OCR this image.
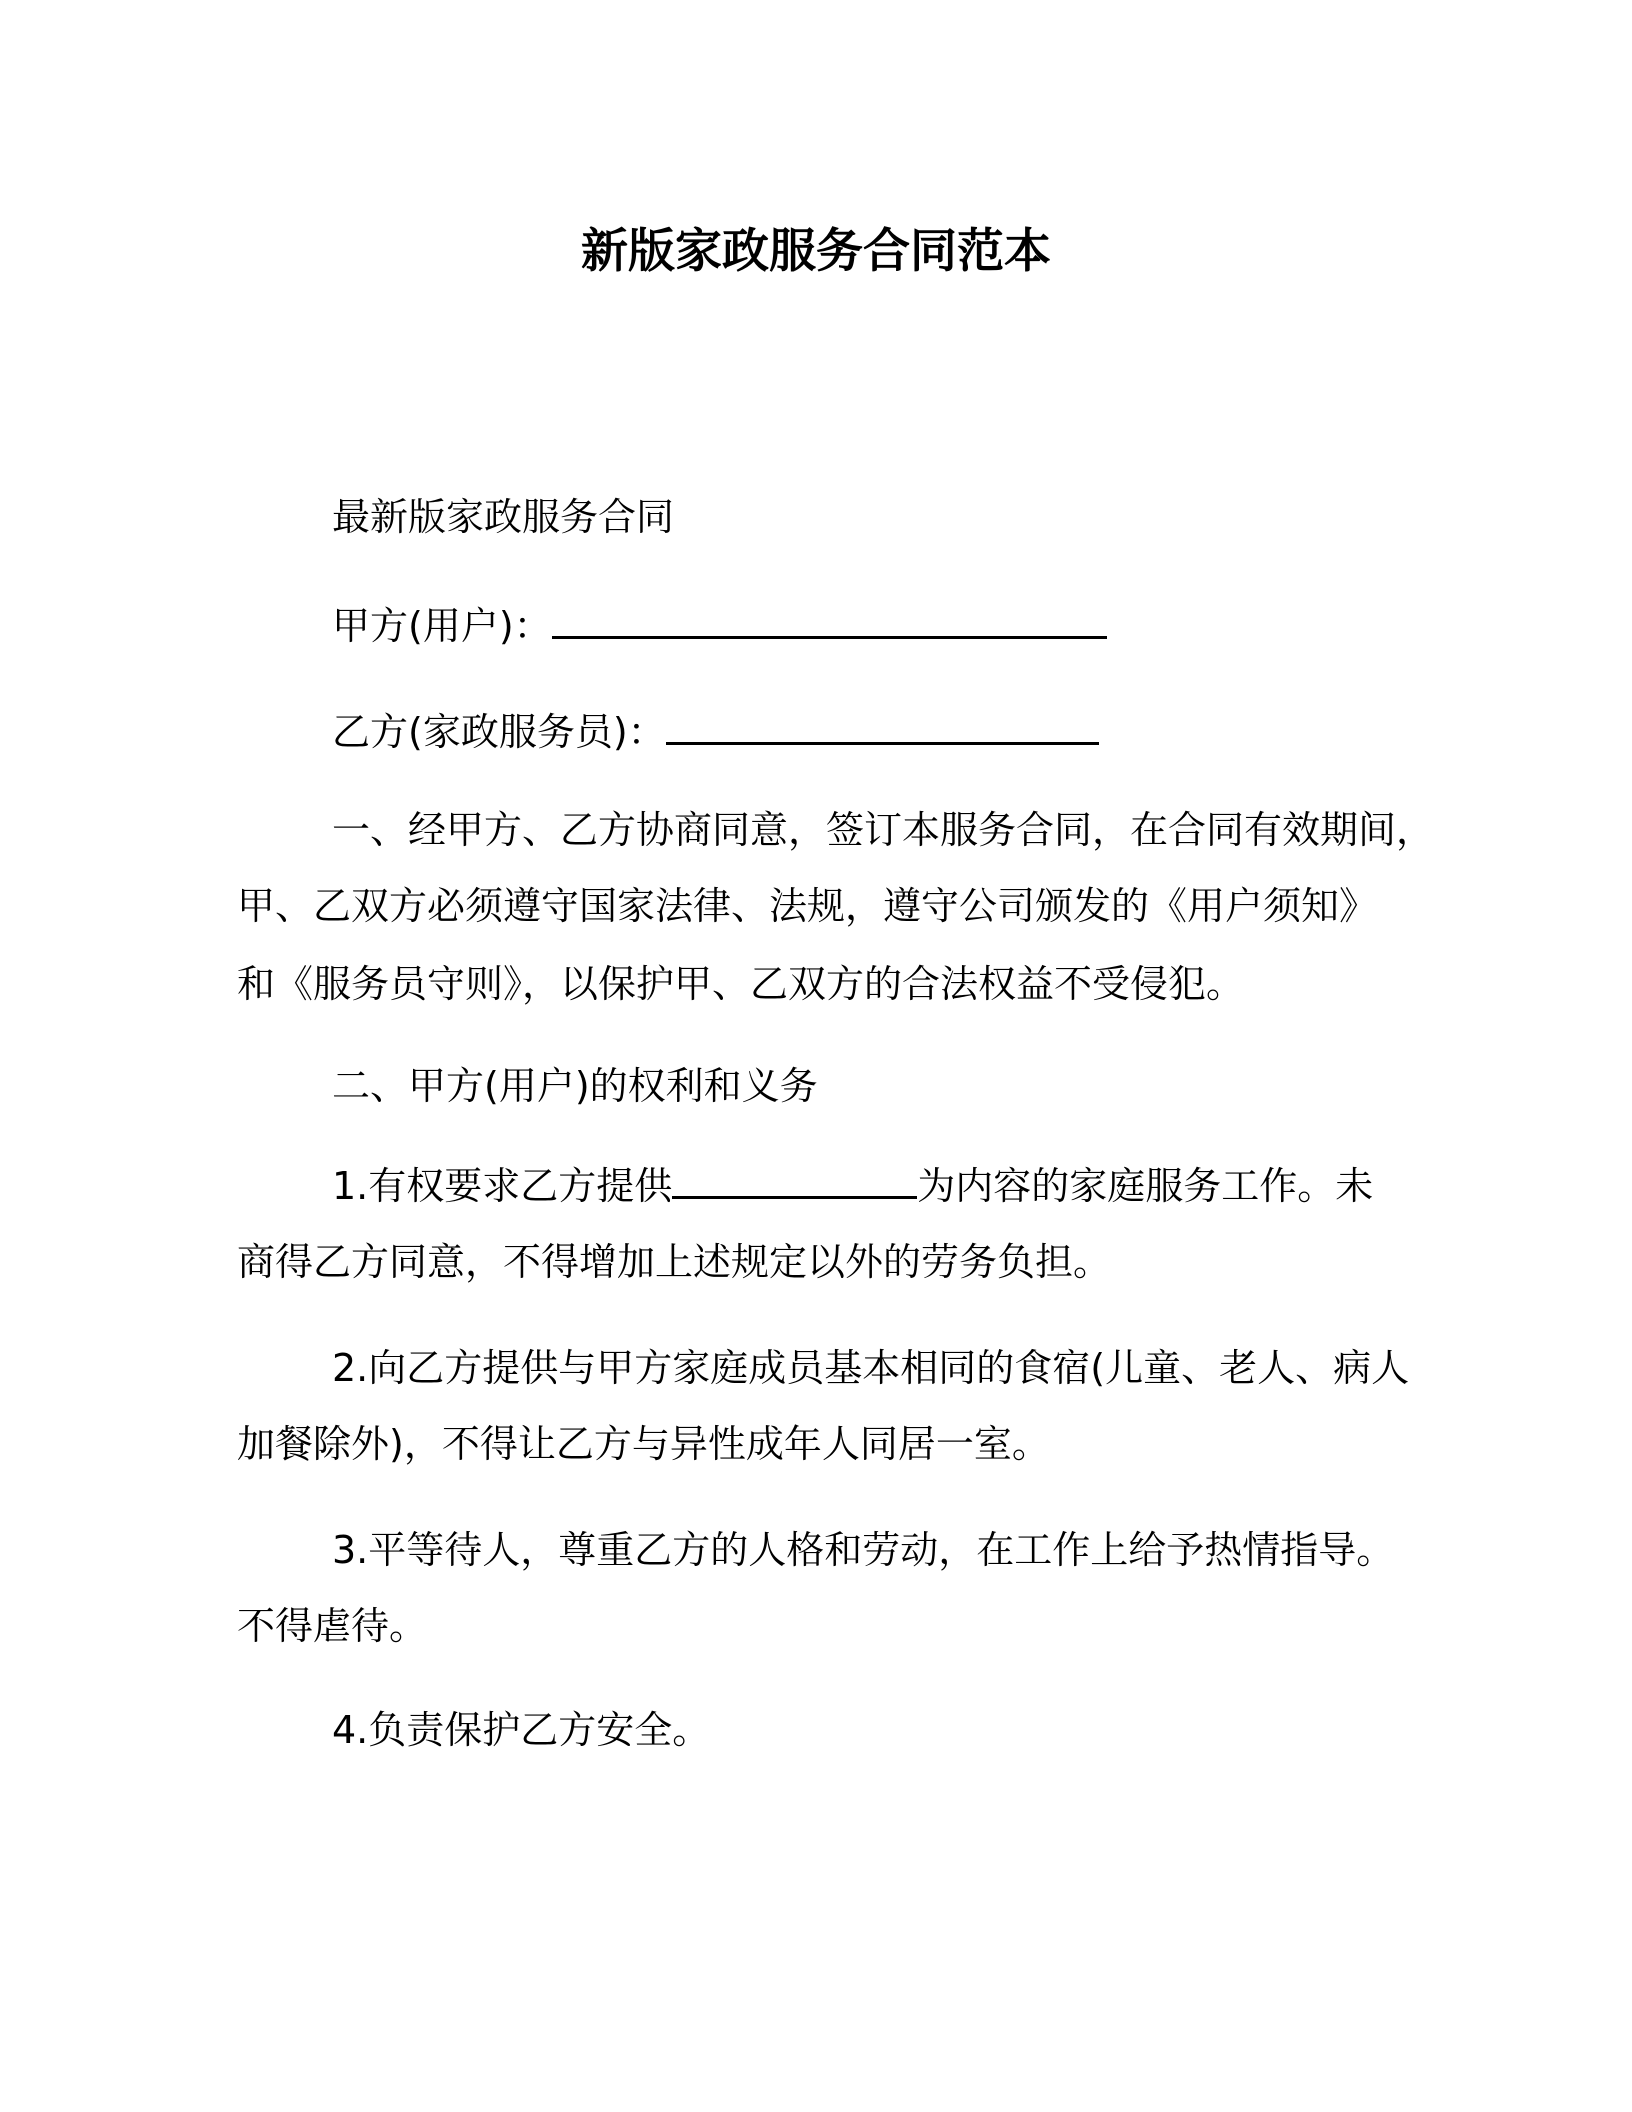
新版家政服务合同范本
最新版家政服务合同
甲方(用户)：
乙方(家政服务员)：
一、经甲方、乙方协商同意，签订本服务合同，在合同有效期间，
甲、乙双方必须遵守国家法律、法规，遵守公司颁发的《用户须知》
和《服务员守则》，以保护甲、乙双方的合法权益不受侵犯。
二、甲方(用户)的权利和义务
1.有权要求乙方提供	为内容的家庭服务工作。未
商得乙方同意，不得增加上述规定以外的劳务负担。
2.向乙方提供与甲方家庭成员基本相同的食宿(儿童、老人、病人
加餐除外)，不得让乙方与异性成年人同居一室。
3.平等待人，尊重乙方的人格和劳动，在工作上给予热情指导。
不得虐待。
4.负责保护乙方安全。
